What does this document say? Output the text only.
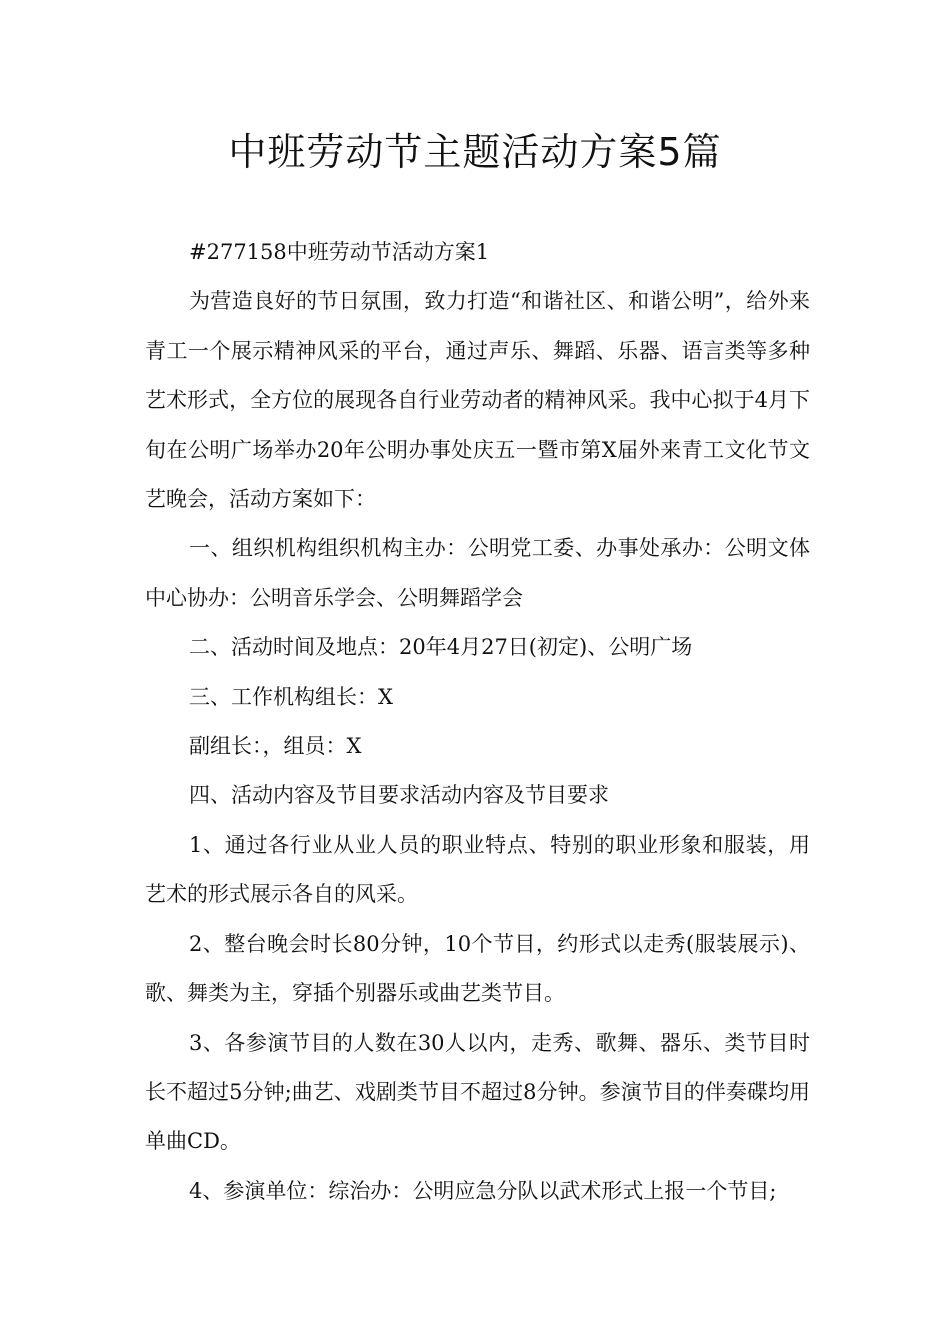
中班劳动节主题活动方案5篇

#277158中班劳动节活动方案1

为营造良好的节日氛围，致力打造“和谐社区、和谐公明”，给外来青工一个展示精神风采的平台，通过声乐、舞蹈、乐器、语言类等多种艺术形式，全方位的展现各自行业劳动者的精神风采。我中心拟于4月下旬在公明广场举办20年公明办事处庆五一暨市第X届外来青工文化节文艺晚会，活动方案如下：

一、组织机构组织机构主办：公明党工委、办事处承办：公明文体中心协办：公明音乐学会、公明舞蹈学会

二、活动时间及地点：20年4月27日(初定)、公明广场

三、工作机构组长：X

副组长：，组员：X

四、活动内容及节目要求活动内容及节目要求

1、通过各行业从业人员的职业特点、特别的职业形象和服装，用艺术的形式展示各自的风采。

2、整台晚会时长80分钟，10个节目，约形式以走秀(服装展示)、歌、舞类为主，穿插个别器乐或曲艺类节目。

3、各参演节目的人数在30人以内，走秀、歌舞、器乐、类节目时长不超过5分钟;曲艺、戏剧类节目不超过8分钟。参演节目的伴奏碟均用单曲CD。

4、参演单位：综治办：公明应急分队以武术形式上报一个节目;
